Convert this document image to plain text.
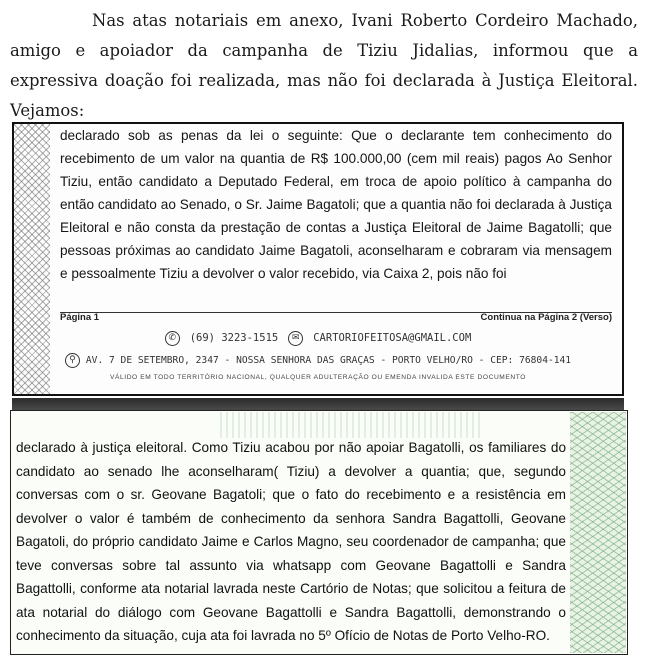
Nas atas notariais em anexo, Ivani Roberto Cordeiro Machado, amigo e apoiador da campanha de Tiziu Jidalias, informou que a expressiva doação foi realizada, mas não foi declarada à Justiça Eleitoral. Vejamos:

declarado sob as penas da lei o seguinte: Que o declarante tem conhecimento do recebimento de um valor na quantia de R$ 100.000,00 (cem mil reais) pagos Ao Senhor Tiziu, então candidato a Deputado Federal, em troca de apoio político à campanha do então candidato ao Senado, o Sr. Jaime Bagatoli; que a quantia não foi declarada à Justiça Eleitoral e não consta da prestação de contas a Justiça Eleitoral de Jaime Bagatolli; que pessoas próximas ao candidato Jaime Bagatoli, aconselharam e cobraram via mensagem e pessoalmente Tiziu a devolver o valor recebido, via Caixa 2, pois não foi

Página 1	Continua na Página 2 (Verso)
✆ (69) 3223-1515	✉ CARTORIOFEITOSA@GMAIL.COM
⚲	AV. 7 DE SETEMBRO, 2347 - NOSSA SENHORA DAS GRAÇAS - PORTO VELHO/RO - CEP: 76804-141
VÁLIDO EM TODO TERRITÓRIO NACIONAL, QUALQUER ADULTERAÇÃO OU EMENDA INVALIDA ESTE DOCUMENTO

declarado à justiça eleitoral. Como Tiziu acabou por não apoiar Bagatolli, os familiares do candidato ao senado lhe aconselharam( Tiziu) a devolver a quantia; que, segundo conversas com o sr. Geovane Bagatoli; que o fato do recebimento e a resistência em devolver o valor é também de conhecimento da senhora Sandra Bagattolli, Geovane Bagatoli, do próprio candidato Jaime e Carlos Magno, seu coordenador de campanha; que teve conversas sobre tal assunto via whatsapp com Geovane Bagattolli e Sandra Bagattolli, conforme ata notarial lavrada neste Cartório de Notas; que solicitou a feitura de ata notarial do diálogo com Geovane Bagattolli e Sandra Bagattolli, demonstrando o conhecimento da situação, cuja ata foi lavrada no 5º Ofício de Notas de Porto Velho-RO.
